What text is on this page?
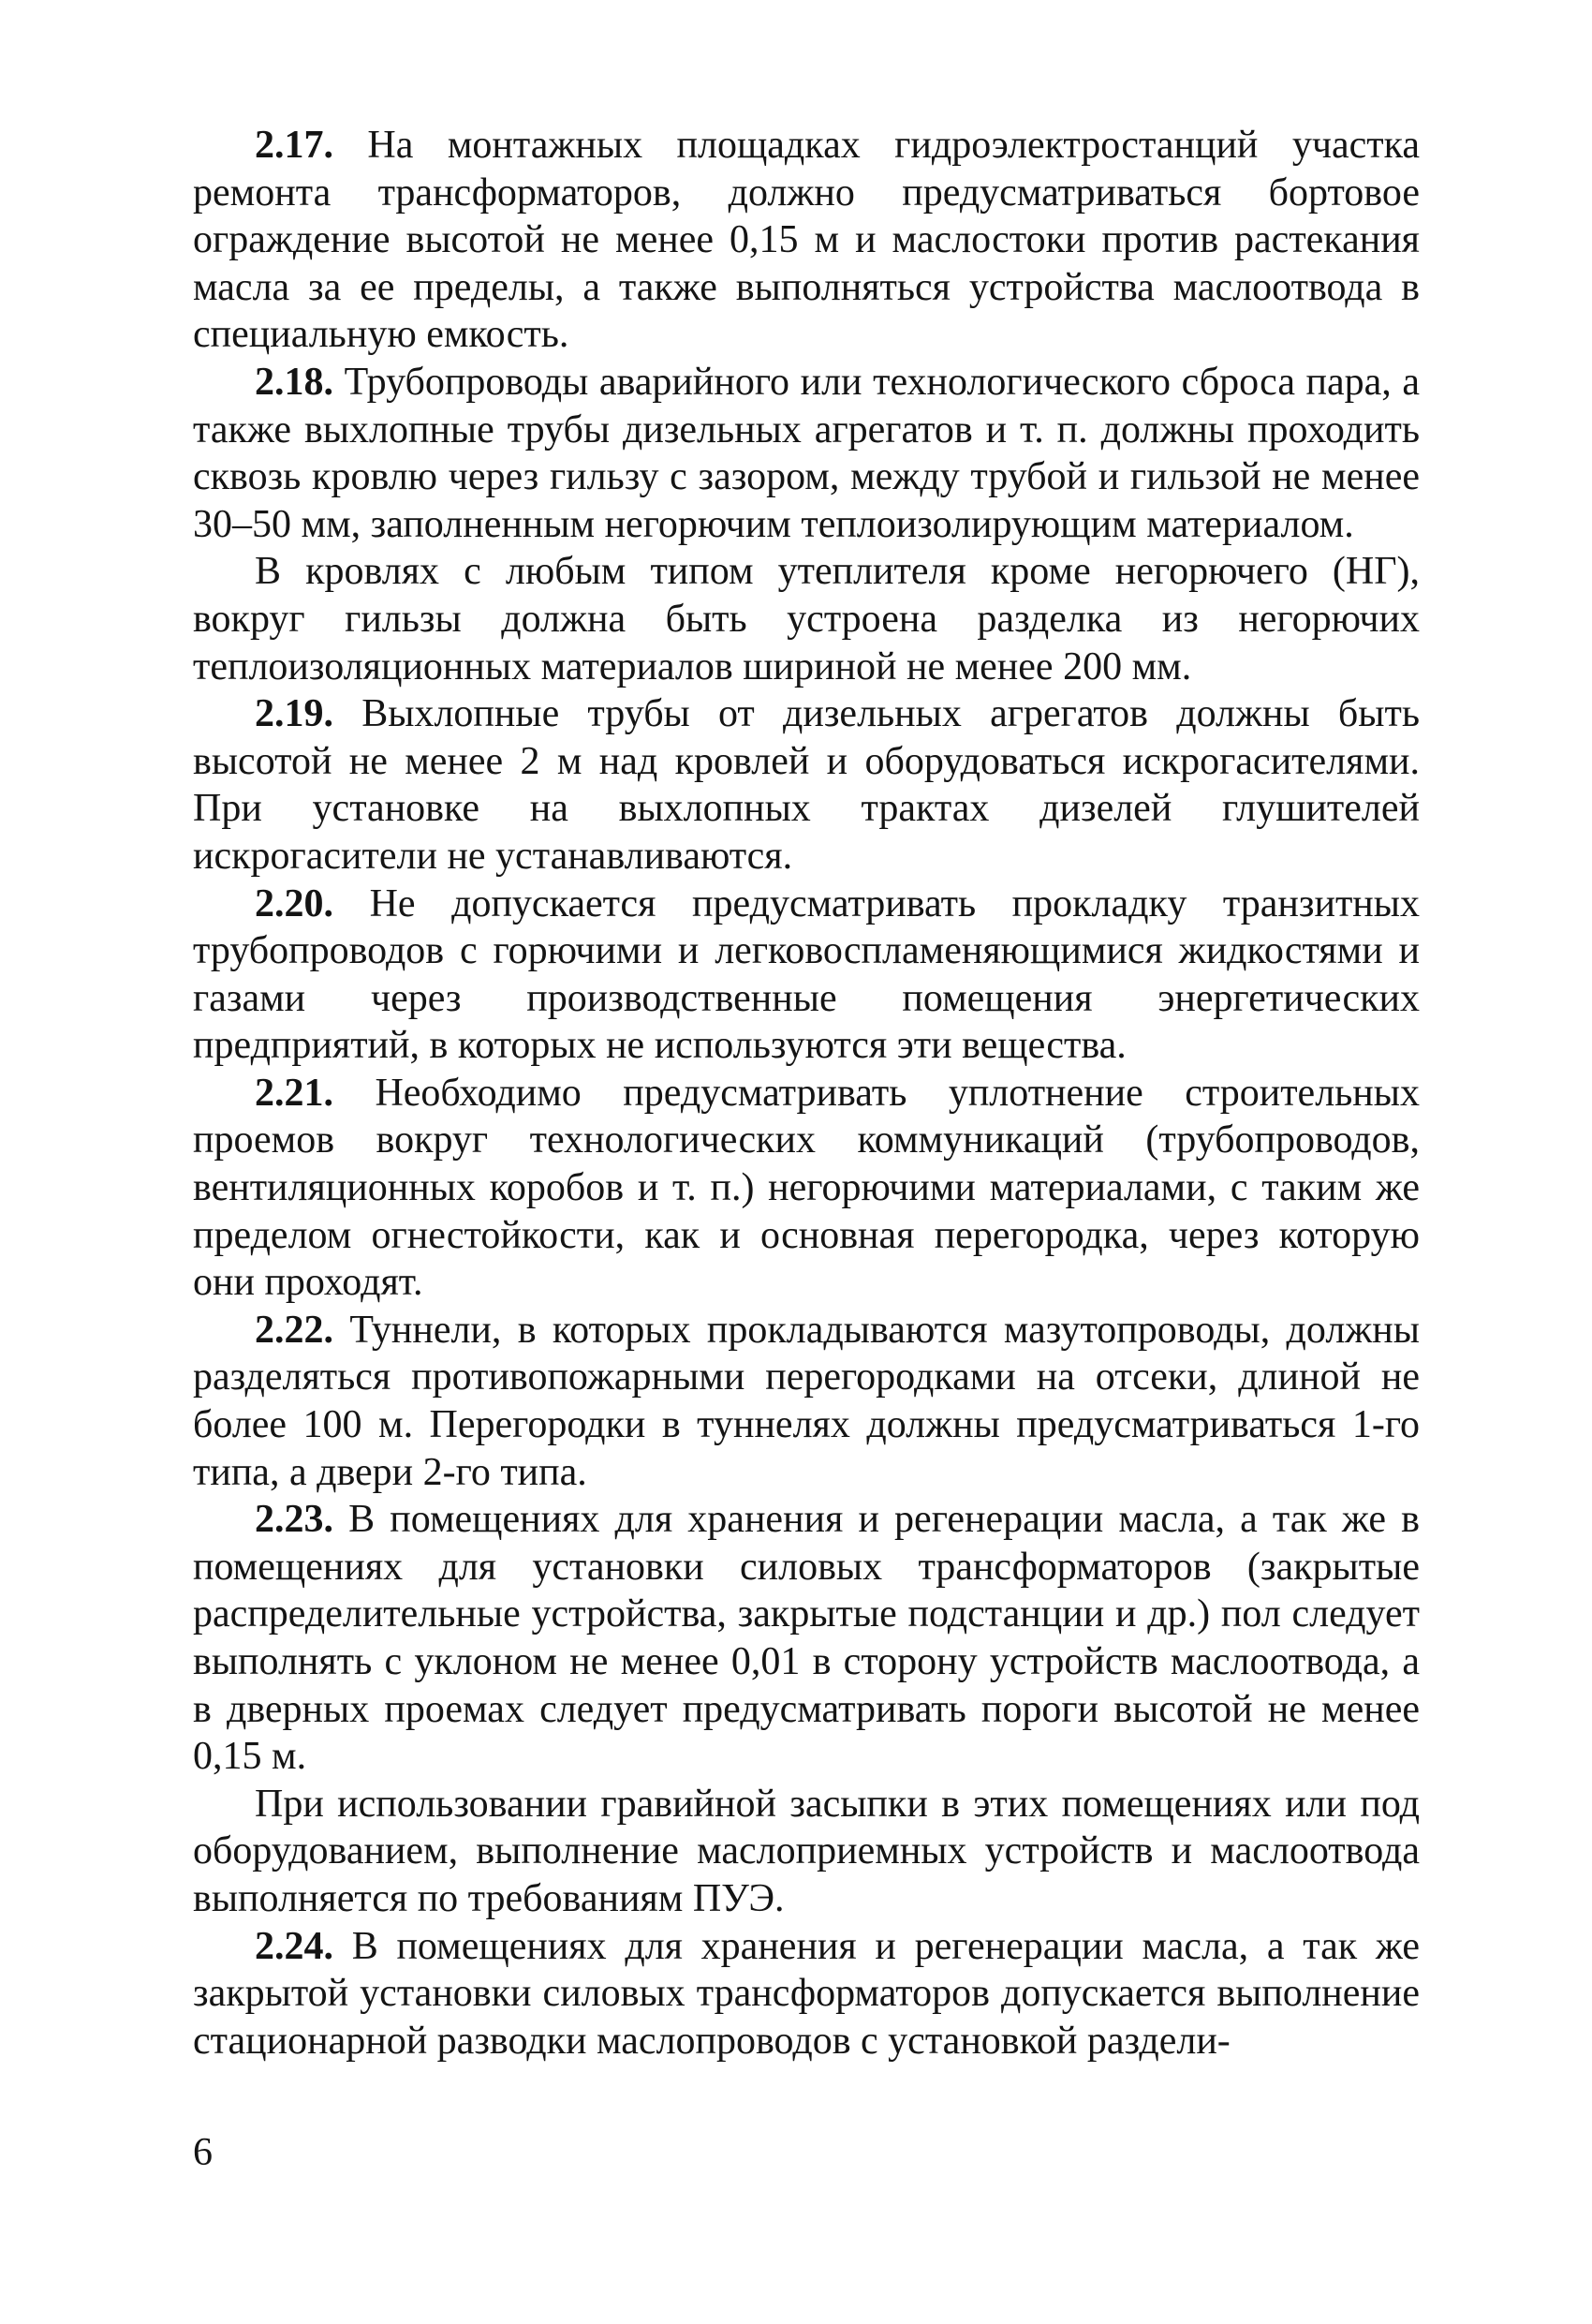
2.17. На монтажных площадках гидроэлектростанций участка ремонта трансформаторов, должно предусматриваться бортовое ограждение высотой не менее 0,15 м и маслостоки против растекания масла за ее пределы, а также выполняться устройства маслоотвода в специальную емкость.

2.18. Трубопроводы аварийного или технологического сброса пара, а также выхлопные трубы дизельных агрегатов и т. п. должны проходить сквозь кровлю через гильзу с зазором, между трубой и гильзой не менее 30–50 мм, заполненным негорючим теплоизолирующим материалом.

В кровлях с любым типом утеплителя кроме негорючего (НГ), вокруг гильзы должна быть устроена разделка из негорючих теплоизоляционных материалов шириной не менее 200 мм.

2.19. Выхлопные трубы от дизельных агрегатов должны быть высотой не менее 2 м над кровлей и оборудоваться искрогасителями. При установке на выхлопных трактах дизелей глушителей искрогасители не устанавливаются.

2.20. Не допускается предусматривать прокладку транзитных трубопроводов с горючими и легковоспламеняющимися жидкостями и газами через производственные помещения энергетических предприятий, в которых не используются эти вещества.

2.21. Необходимо предусматривать уплотнение строительных проемов вокруг технологических коммуникаций (трубопроводов, вентиляционных коробов и т. п.) негорючими материалами, с таким же пределом огнестойкости, как и основная перегородка, через которую они проходят.

2.22. Туннели, в которых прокладываются мазутопроводы, должны разделяться противопожарными перегородками на отсеки, длиной не более 100 м. Перегородки в туннелях должны предусматриваться 1-го типа, а двери 2-го типа.

2.23. В помещениях для хранения и регенерации масла, а так же в помещениях для установки силовых трансформаторов (закрытые распределительные устройства, закрытые подстанции и др.) пол следует выполнять с уклоном не менее 0,01 в сторону устройств маслоотвода, а в дверных проемах следует предусматривать пороги высотой не менее 0,15 м.

При использовании гравийной засыпки в этих помещениях или под оборудованием, выполнение маслоприемных устройств и маслоотвода выполняется по требованиям ПУЭ.

2.24. В помещениях для хранения и регенерации масла, а так же закрытой установки силовых трансформаторов допускается выполнение стационарной разводки маслопроводов с установкой раздели-

6
